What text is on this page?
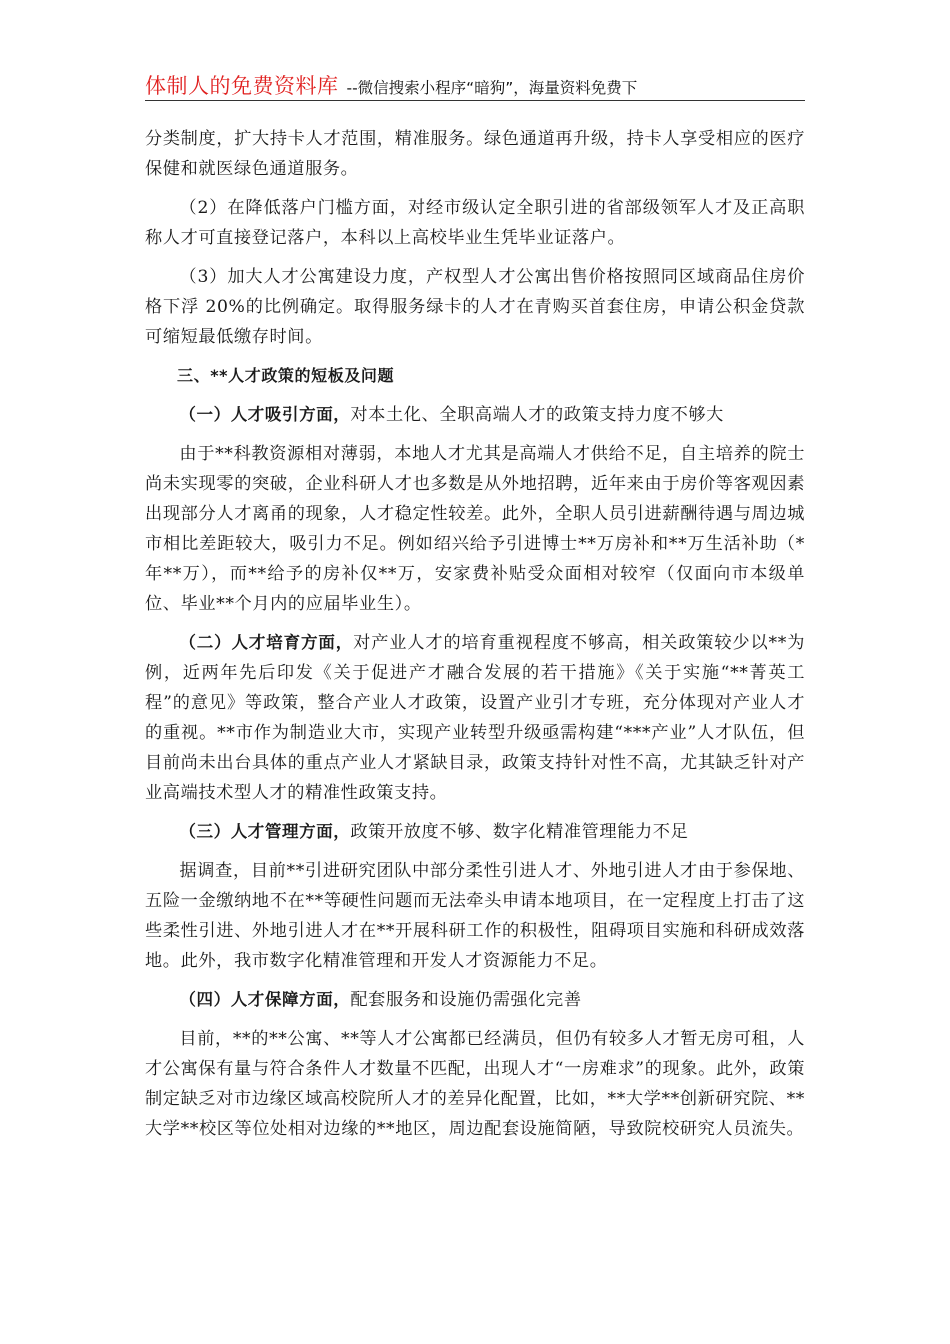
体制人的免费资料库 --微信搜索小程序“暗狗”，海量资料免费下

分类制度，扩大持卡人才范围，精准服务。绿色通道再升级，持卡人享受相应的医疗保健和就医绿色通道服务。

（2）在降低落户门槛方面，对经市级认定全职引进的省部级领军人才及正高职称人才可直接登记落户，本科以上高校毕业生凭毕业证落户。

（3）加大人才公寓建设力度，产权型人才公寓出售价格按照同区域商品住房价格下浮 20%的比例确定。取得服务绿卡的人才在青购买首套住房，申请公积金贷款可缩短最低缴存时间。

三、**人才政策的短板及问题

（一）人才吸引方面，对本土化、全职高端人才的政策支持力度不够大

由于**科教资源相对薄弱，本地人才尤其是高端人才供给不足，自主培养的院士尚未实现零的突破，企业科研人才也多数是从外地招聘，近年来由于房价等客观因素出现部分人才离甬的现象，人才稳定性较差。此外，全职人员引进薪酬待遇与周边城市相比差距较大，吸引力不足。例如绍兴给予引进博士**万房补和**万生活补助（*年**万），而**给予的房补仅**万，安家费补贴受众面相对较窄（仅面向市本级单位、毕业**个月内的应届毕业生）。

（二）人才培育方面，对产业人才的培育重视程度不够高，相关政策较少以**为例，近两年先后印发《关于促进产才融合发展的若干措施》《关于实施“**菁英工程”的意见》等政策，整合产业人才政策，设置产业引才专班，充分体现对产业人才的重视。**市作为制造业大市，实现产业转型升级亟需构建“***产业”人才队伍，但目前尚未出台具体的重点产业人才紧缺目录，政策支持针对性不高，尤其缺乏针对产业高端技术型人才的精准性政策支持。

（三）人才管理方面，政策开放度不够、数字化精准管理能力不足

据调查，目前**引进研究团队中部分柔性引进人才、外地引进人才由于参保地、五险一金缴纳地不在**等硬性问题而无法牵头申请本地项目，在一定程度上打击了这些柔性引进、外地引进人才在**开展科研工作的积极性，阻碍项目实施和科研成效落地。此外，我市数字化精准管理和开发人才资源能力不足。

（四）人才保障方面，配套服务和设施仍需强化完善

目前，**的**公寓、**等人才公寓都已经满员，但仍有较多人才暂无房可租，人才公寓保有量与符合条件人才数量不匹配，出现人才“一房难求”的现象。此外，政策制定缺乏对市边缘区域高校院所人才的差异化配置，比如，**大学**创新研究院、**大学**校区等位处相对边缘的**地区，周边配套设施简陋，导致院校研究人员流失。
